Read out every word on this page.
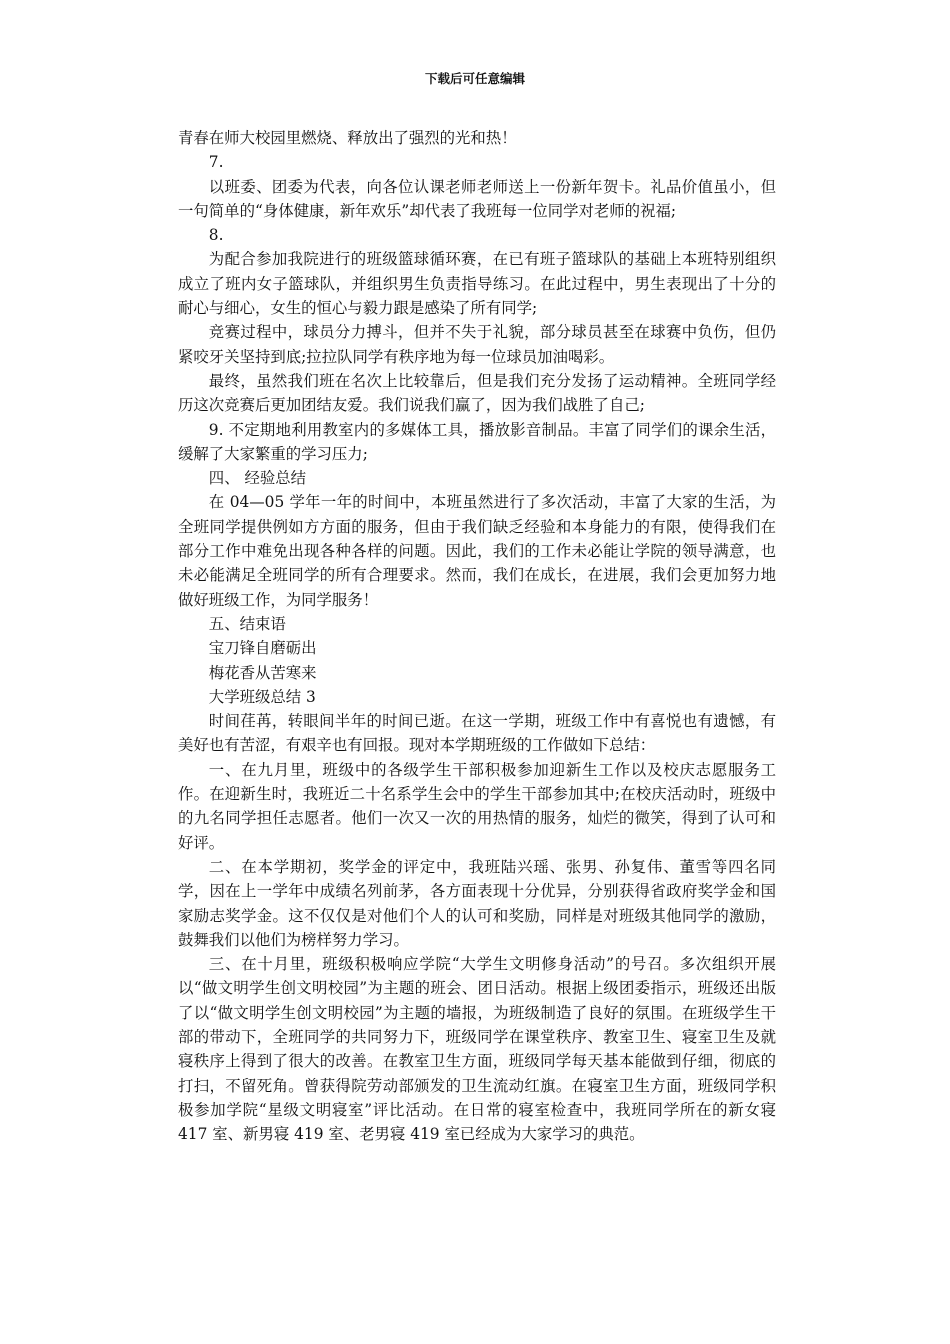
下载后可任意编辑

青春在师大校园里燃烧、释放出了强烈的光和热！

7.

以班委、团委为代表，向各位认课老师老师送上一份新年贺卡。礼品价值虽小，但一句简单的“身体健康，新年欢乐”却代表了我班每一位同学对老师的祝福;

8.

为配合参加我院进行的班级篮球循环赛，在已有班子篮球队的基础上本班特别组织成立了班内女子篮球队，并组织男生负责指导练习。在此过程中，男生表现出了十分的耐心与细心，女生的恒心与毅力跟是感染了所有同学;

竞赛过程中，球员分力搏斗，但并不失于礼貌，部分球员甚至在球赛中负伤，但仍紧咬牙关坚持到底;拉拉队同学有秩序地为每一位球员加油喝彩。

最终，虽然我们班在名次上比较靠后，但是我们充分发扬了运动精神。全班同学经历这次竞赛后更加团结友爱。我们说我们赢了，因为我们战胜了自己;

9. 不定期地利用教室内的多媒体工具，播放影音制品。丰富了同学们的课余生活，缓解了大家繁重的学习压力;

四、 经验总结

在 04—05 学年一年的时间中，本班虽然进行了多次活动，丰富了大家的生活，为全班同学提供例如方方面的服务，但由于我们缺乏经验和本身能力的有限，使得我们在部分工作中难免出现各种各样的问题。因此，我们的工作未必能让学院的领导满意，也未必能满足全班同学的所有合理要求。然而，我们在成长，在进展，我们会更加努力地做好班级工作，为同学服务！

五、结束语

宝刀锋自磨砺出

梅花香从苦寒来

大学班级总结 3

时间荏苒，转眼间半年的时间已逝。在这一学期，班级工作中有喜悦也有遗憾，有美好也有苦涩，有艰辛也有回报。现对本学期班级的工作做如下总结：

一、在九月里，班级中的各级学生干部积极参加迎新生工作以及校庆志愿服务工作。在迎新生时，我班近二十名系学生会中的学生干部参加其中;在校庆活动时，班级中的九名同学担任志愿者。他们一次又一次的用热情的服务，灿烂的微笑，得到了认可和好评。

二、在本学期初，奖学金的评定中，我班陆兴瑶、张男、孙复伟、董雪等四名同学，因在上一学年中成绩名列前茅，各方面表现十分优异，分别获得省政府奖学金和国家励志奖学金。这不仅仅是对他们个人的认可和奖励，同样是对班级其他同学的激励，鼓舞我们以他们为榜样努力学习。

三、在十月里，班级积极响应学院“大学生文明修身活动”的号召。多次组织开展以“做文明学生创文明校园”为主题的班会、团日活动。根据上级团委指示，班级还出版了以“做文明学生创文明校园”为主题的墙报，为班级制造了良好的氛围。在班级学生干部的带动下，全班同学的共同努力下，班级同学在课堂秩序、教室卫生、寝室卫生及就寝秩序上得到了很大的改善。在教室卫生方面，班级同学每天基本能做到仔细，彻底的打扫，不留死角。曾获得院劳动部颁发的卫生流动红旗。在寝室卫生方面，班级同学积极参加学院“星级文明寝室”评比活动。在日常的寝室检查中，我班同学所在的新女寝 417 室、新男寝 419 室、老男寝 419 室已经成为大家学习的典范。
